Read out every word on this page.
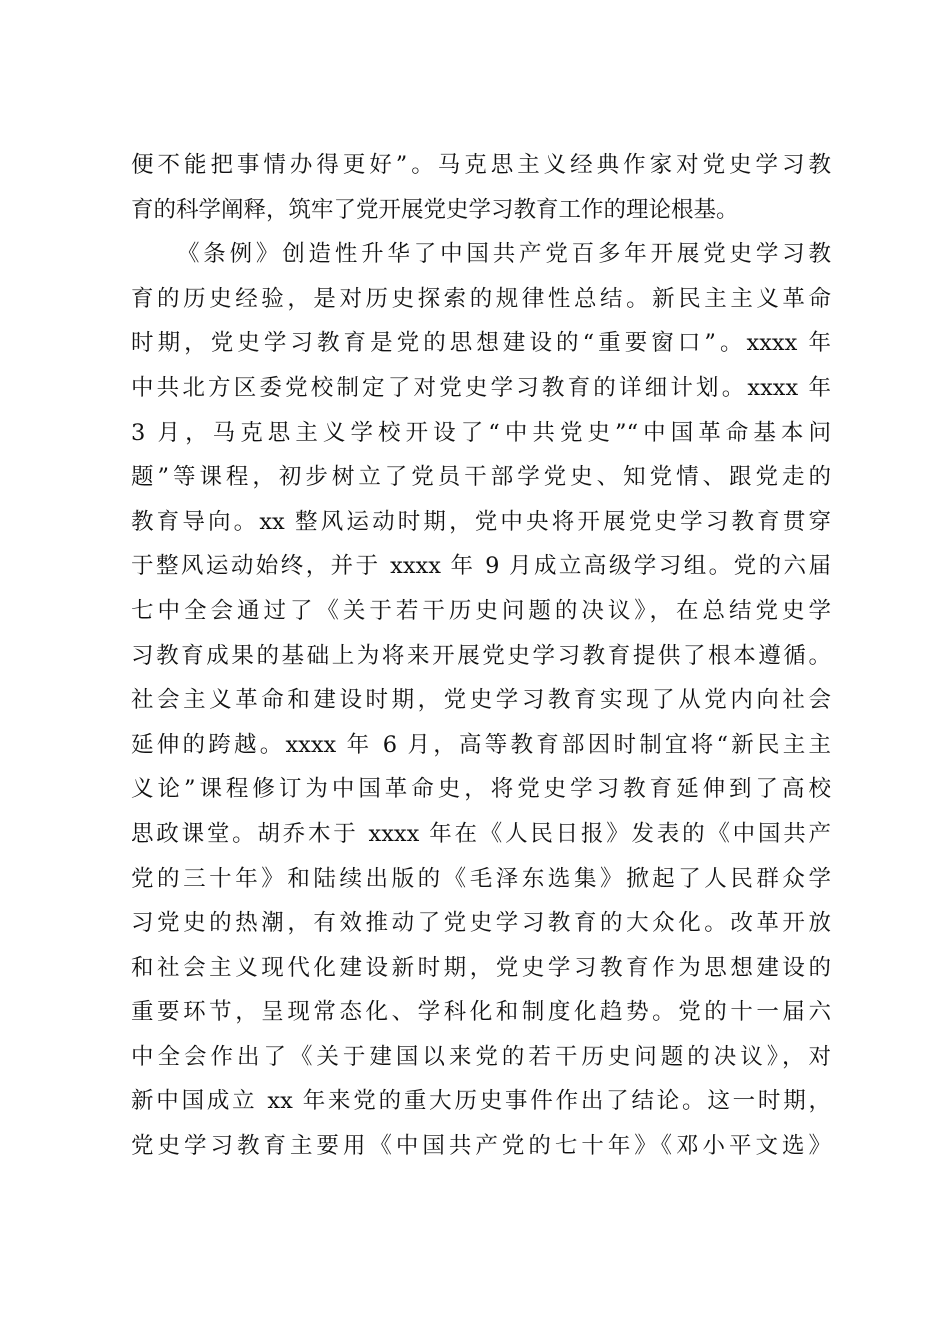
便不能把事情办得更好”。马克思主义经典作家对党史学习教
育的科学阐释，筑牢了党开展党史学习教育工作的理论根基。
《条例》创造性升华了中国共产党百多年开展党史学习教
育的历史经验，是对历史探索的规律性总结。新民主主义革命
时期，党史学习教育是党的思想建设的“重要窗口”。xxxx 年
中共北方区委党校制定了对党史学习教育的详细计划。xxxx 年
3 月，马克思主义学校开设了“中共党史”“中国革命基本问
题”等课程，初步树立了党员干部学党史、知党情、跟党走的
教育导向。xx 整风运动时期，党中央将开展党史学习教育贯穿
于整风运动始终，并于 xxxx 年 9 月成立高级学习组。党的六届
七中全会通过了《关于若干历史问题的决议》，在总结党史学
习教育成果的基础上为将来开展党史学习教育提供了根本遵循。
社会主义革命和建设时期，党史学习教育实现了从党内向社会
延伸的跨越。xxxx 年 6 月，高等教育部因时制宜将“新民主主
义论”课程修订为中国革命史，将党史学习教育延伸到了高校
思政课堂。胡乔木于 xxxx 年在《人民日报》发表的《中国共产
党的三十年》和陆续出版的《毛泽东选集》掀起了人民群众学
习党史的热潮，有效推动了党史学习教育的大众化。改革开放
和社会主义现代化建设新时期，党史学习教育作为思想建设的
重要环节，呈现常态化、学科化和制度化趋势。党的十一届六
中全会作出了《关于建国以来党的若干历史问题的决议》，对
新中国成立 xx 年来党的重大历史事件作出了结论。这一时期，
党史学习教育主要用《中国共产党的七十年》《邓小平文选》
